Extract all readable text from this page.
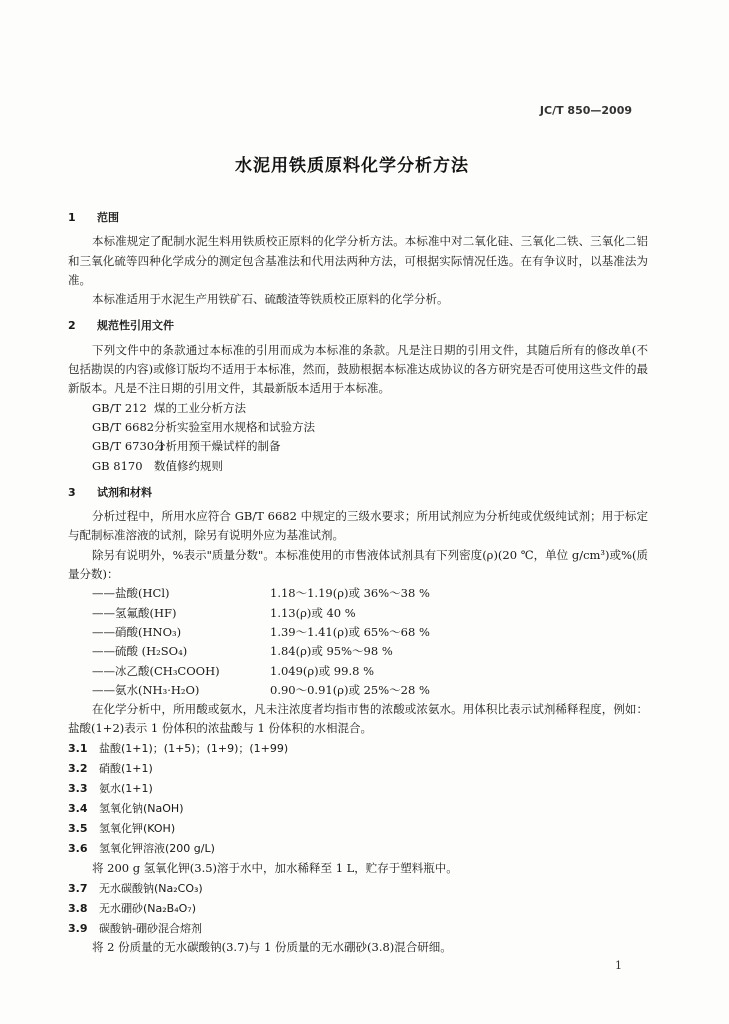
JC/T 850—2009
水泥用铁质原料化学分析方法
1 范围

本标准规定了配制水泥生料用铁质校正原料的化学分析方法。本标准中对二氧化硅、三氧化二铁、三氧化二铝和三氧化硫等四种化学成分的测定包含基准法和代用法两种方法，可根据实际情况任选。在有争议时，以基准法为准。

本标准适用于水泥生产用铁矿石、硫酸渣等铁质校正原料的化学分析。

2 规范性引用文件

下列文件中的条款通过本标准的引用而成为本标准的条款。凡是注日期的引用文件，其随后所有的修改单(不包括勘误的内容)或修订版均不适用于本标准，然而，鼓励根据本标准达成协议的各方研究是否可使用这些文件的最新版本。凡是不注日期的引用文件，其最新版本适用于本标准。

GB/T 212 煤的工业分析方法
GB/T 6682分析实验室用水规格和试验方法
GB/T 6730.1分析用预干燥试样的制备
GB 8170 数值修约规则
3 试剂和材料

分析过程中，所用水应符合 GB/T 6682 中规定的三级水要求；所用试剂应为分析纯或优级纯试剂；用于标定与配制标准溶液的试剂，除另有说明外应为基准试剂。

除另有说明外，%表示"质量分数"。本标准使用的市售液体试剂具有下列密度(ρ)(20 ℃，单位 g/cm³)或%(质量分数)：

——盐酸(HCl)	1.18～1.19(ρ)或 36%～38 %
——氢氟酸(HF)	1.13(ρ)或 40 %
——硝酸(HNO₃)	1.39～1.41(ρ)或 65%～68 %
——硫酸 (H₂SO₄)	1.84(ρ)或 95%～98 %
——冰乙酸(CH₃COOH)	1.049(ρ)或 99.8 %
——氨水(NH₃·H₂O)	0.90～0.91(ρ)或 25%～28 %

在化学分析中，所用酸或氨水，凡未注浓度者均指市售的浓酸或浓氨水。用体积比表示试剂稀释程度，例如：盐酸(1+2)表示 1 份体积的浓盐酸与 1 份体积的水相混合。

3.1	盐酸(1+1)；(1+5)；(1+9)；(1+99)
3.2	硝酸(1+1)
3.3	氨水(1+1)
3.4	氢氧化钠(NaOH)
3.5	氢氧化钾(KOH)
3.6	氢氧化钾溶液(200 g/L)

将 200 g 氢氧化钾(3.5)溶于水中，加水稀释至 1 L，贮存于塑料瓶中。

3.7	无水碳酸钠(Na₂CO₃)
3.8	无水硼砂(Na₂B₄O₇)
3.9	碳酸钠-硼砂混合熔剂

将 2 份质量的无水碳酸钠(3.7)与 1 份质量的无水硼砂(3.8)混合研细。

1
